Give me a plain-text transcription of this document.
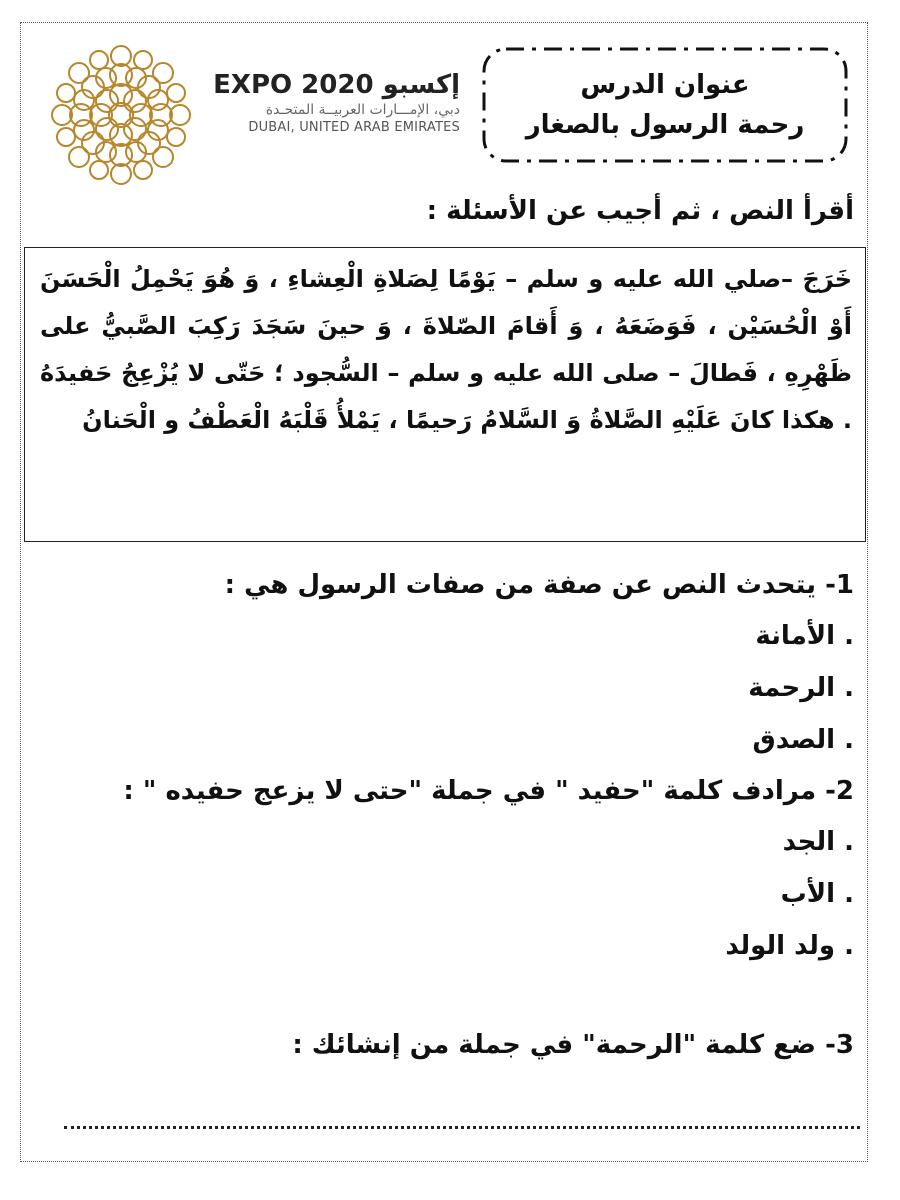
EXPO 2020 إكسبو
دبي، الإمـــارات العربيــة المتحـدة
DUBAI, UNITED ARAB EMIRATES
عنوان الدرس
رحمة الرسول بالصغار
أقرأ النص ، ثم أجيب عن الأسئلة :
خَرَجَ –صلي الله عليه و سلم – يَوْمًا لِصَلاةِ الْعِشاءِ ، وَ هُوَ يَحْمِلُ الْحَسَنَ أَوْ الْحُسَيْن ، فَوَضَعَهُ ، وَ أَقامَ الصّلاةَ ، وَ حينَ سَجَدَ رَكِبَ الصَّبيُّ على ظَهْرِهِ ، فَطالَ – صلى الله عليه و سلم – السُّجود ؛ حَتّى لا يُزْعِجُ حَفيدَهُ . هكذا كانَ عَلَيْهِ الصَّلاةُ وَ السَّلامُ رَحيمًا ، يَمْلأُ قَلْبَهُ الْعَطْفُ و الْحَنانُ
1- يتحدث النص عن صفة من صفات الرسول هي :
. الأمانة
. الرحمة
. الصدق
2- مرادف كلمة "حفيد " في جملة "حتى لا يزعج حفيده " :
. الجد
. الأب
. ولد الولد
3- ضع كلمة "الرحمة" في جملة من إنشائك :
